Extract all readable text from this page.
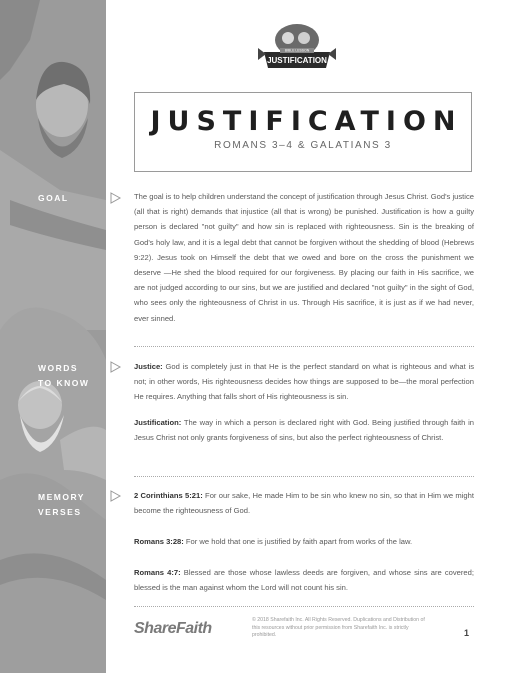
BIBLE LESSON
JUSTIFICATION
JUSTIFICATION
ROMANS 3–4 & GALATIANS 3
GOAL	The goal is to help children understand the concept of justification through Jesus Christ. God's justice (all that is right) demands that injustice (all that is wrong) be punished. Justification is how a guilty person is declared "not guilty" and how sin is replaced with righteousness. Sin is the breaking of God's holy law, and it is a legal debt that cannot be forgiven without the shedding of blood (Hebrews 9:22). Jesus took on Himself the debt that we owed and bore on the cross the punishment we deserve —He shed the blood required for our forgiveness. By placing our faith in His sacrifice, we are not judged according to our sins, but we are justified and declared "not guilty" in the sight of God, who sees only the righteousness of Christ in us. Through His sacrifice, it is just as if we had never, ever sinned.

WORDS
TO KNOW

Justice: God is completely just in that He is the perfect standard on what is righteous and what is not; in other words, His righteousness decides how things are supposed to be—the moral perfection He requires. Anything that falls short of His righteousness is sin.

Justification: The way in which a person is declared right with God. Being justified through faith in Jesus Christ not only grants forgiveness of sins, but also the perfect righteousness of Christ.

MEMORY
VERSES

2 Corinthians 5:21: For our sake, He made Him to be sin who knew no sin, so that in Him we might become the righteousness of God.

Romans 3:28: For we hold that one is justified by faith apart from works of the law.

Romans 4:7: Blessed are those whose lawless deeds are forgiven, and whose sins are covered; blessed is the man against whom the Lord will not count his sin.

ShareFaith	© 2018 Sharefaith Inc. All Rights Reserved. Duplications and Distribution of this resources without prior permission from Sharefaith Inc. is strictly prohibited.	1
